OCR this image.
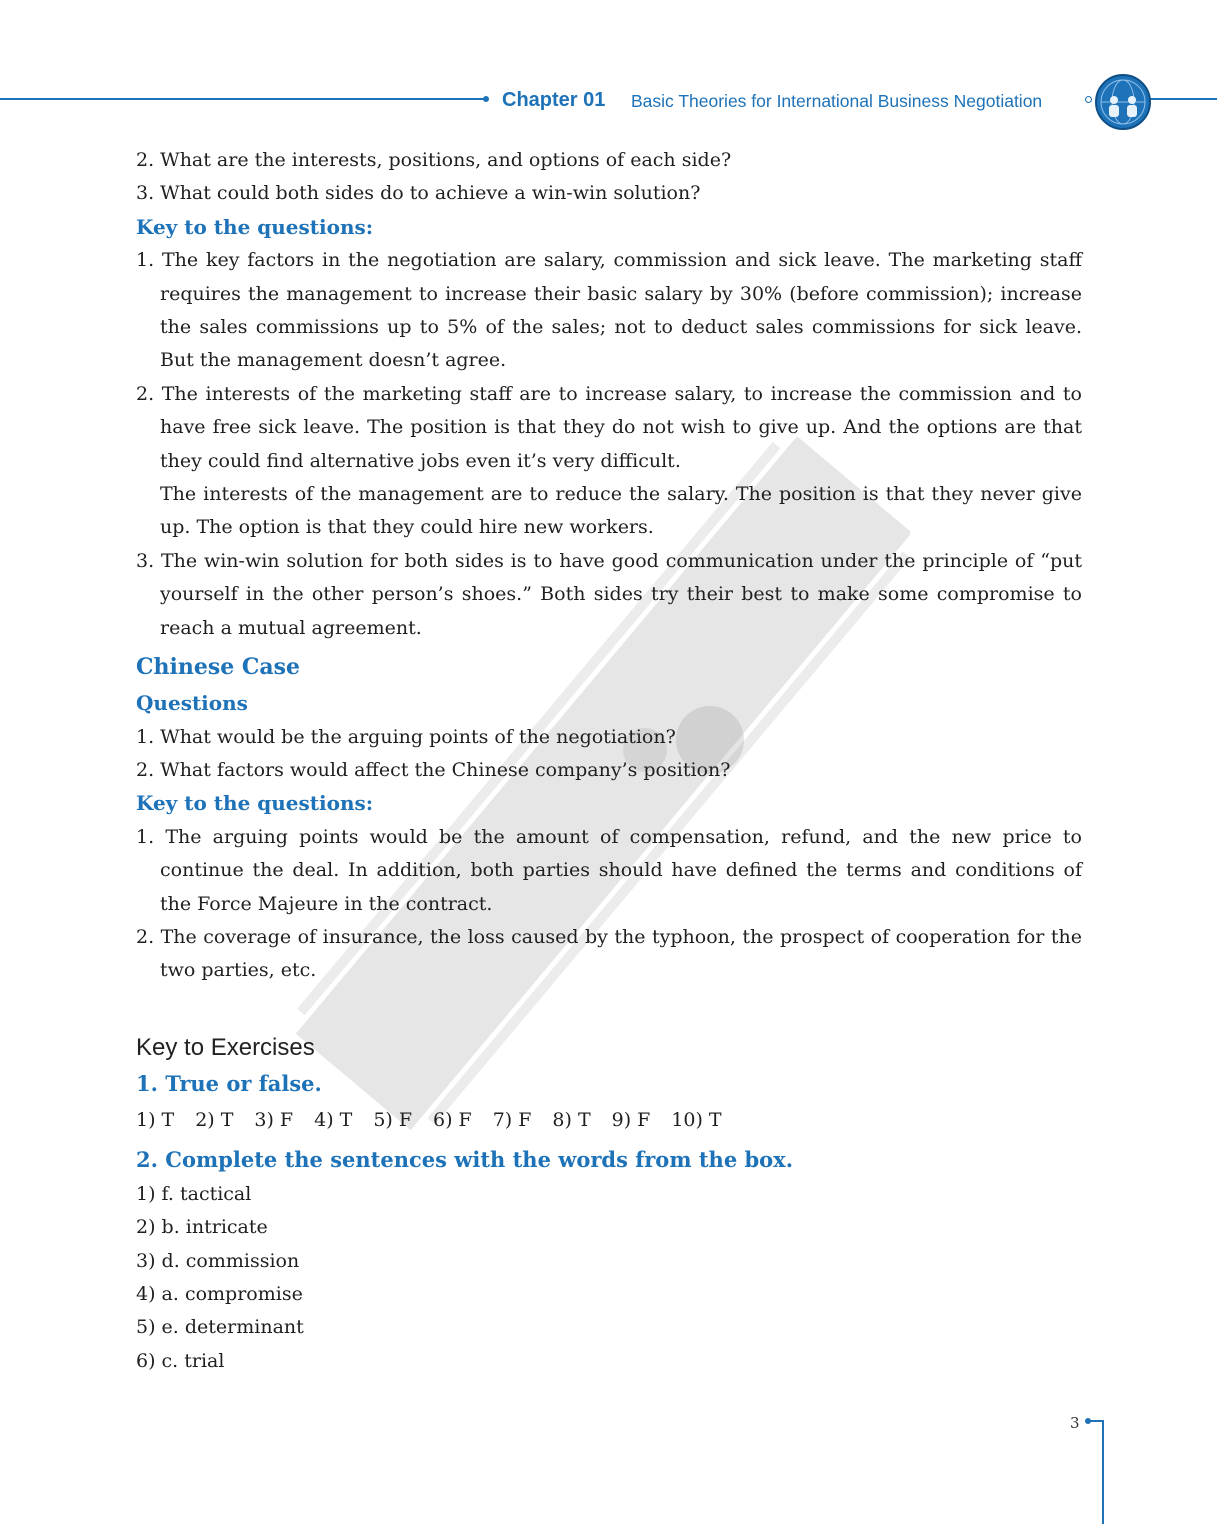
Chapter 01 Basic Theories for International Business Negotiation
2. What are the interests, positions, and options of each side?
3. What could both sides do to achieve a win-win solution?
Key to the questions:
1. The key factors in the negotiation are salary, commission and sick leave. The marketing staff
requires the management to increase their basic salary by 30% (before commission); increase
the sales commissions up to 5% of the sales; not to deduct sales commissions for sick leave.
But the management doesn’t agree.
2. The interests of the marketing staff are to increase salary, to increase the commission and to
have free sick leave. The position is that they do not wish to give up. And the options are that
they could find alternative jobs even it’s very difficult.
The interests of the management are to reduce the salary. The position is that they never give
up. The option is that they could hire new workers.
3. The win-win solution for both sides is to have good communication under the principle of “put
yourself in the other person’s shoes.” Both sides try their best to make some compromise to
reach a mutual agreement.
Chinese Case
Questions
1. What would be the arguing points of the negotiation?
2. What factors would affect the Chinese company’s position?
Key to the questions:
1. The arguing points would be the amount of compensation, refund, and the new price to
continue the deal. In addition, both parties should have defined the terms and conditions of
the Force Majeure in the contract.
2. The coverage of insurance, the loss caused by the typhoon, the prospect of cooperation for the
two parties, etc.
Key to Exercises
1. True or false.
1) T 2) T 3) F 4) T 5) F 6) F 7) F 8) T 9) F 10) T
2. Complete the sentences with the words from the box.
1) f. tactical
2) b. intricate
3) d. commission
4) a. compromise
5) e. determinant
6) c. trial
3
